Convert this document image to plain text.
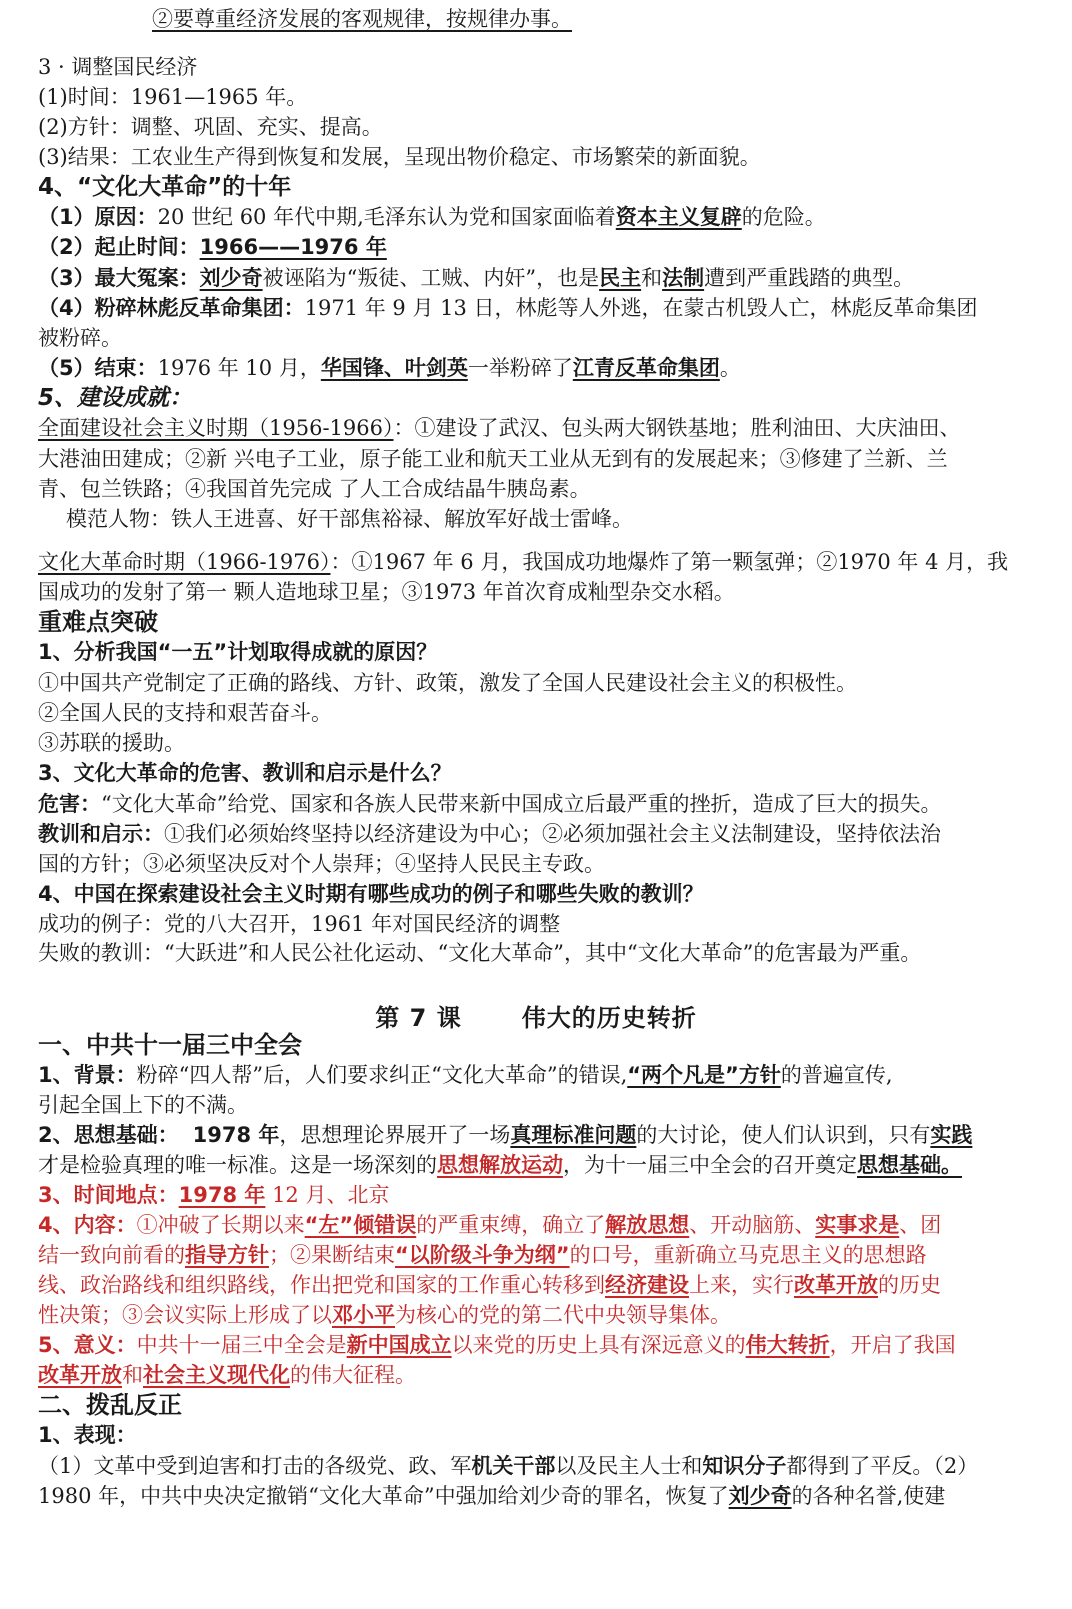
②要尊重经济发展的客观规律，按规律办事。
3 · 调整国民经济
(1)时间：1961—1965 年。
(2)方针：调整、巩固、充实、提高。
(3)结果：工农业生产得到恢复和发展，呈现出物价稳定、市场繁荣的新面貌。
4、“文化大革命”的十年
（1）原因：20 世纪 60 年代中期,毛泽东认为党和国家面临着资本主义复辟的危险。
（2）起止时间：1966——1976 年
（3）最大冤案：刘少奇被诬陷为“叛徒、工贼、内奸”，也是民主和法制遭到严重践踏的典型。
（4）粉碎林彪反革命集团：1971 年 9 月 13 日，林彪等人外逃，在蒙古机毁人亡，林彪反革命集团
被粉碎。
（5）结束：1976 年 10 月，华国锋、叶剑英一举粉碎了江青反革命集团。
5、建设成就：
全面建设社会主义时期（1956-1966）：①建设了武汉、包头两大钢铁基地；胜利油田、大庆油田、
大港油田建成；②新 兴电子工业，原子能工业和航天工业从无到有的发展起来；③修建了兰新、兰
青、包兰铁路；④我国首先完成 了人工合成结晶牛胰岛素。
模范人物：铁人王进喜、好干部焦裕禄、解放军好战士雷峰。
文化大革命时期（1966-1976）：①1967 年 6 月，我国成功地爆炸了第一颗氢弹；②1970 年 4 月，我
国成功的发射了第一 颗人造地球卫星；③1973 年首次育成籼型杂交水稻。
重难点突破
1、分析我国“一五”计划取得成就的原因？
①中国共产党制定了正确的路线、方针、政策，激发了全国人民建设社会主义的积极性。
②全国人民的支持和艰苦奋斗。
③苏联的援助。
3、文化大革命的危害、教训和启示是什么？
危害：“文化大革命”给党、国家和各族人民带来新中国成立后最严重的挫折，造成了巨大的损失。
教训和启示：①我们必须始终坚持以经济建设为中心；②必须加强社会主义法制建设，坚持依法治
国的方针；③必须坚决反对个人崇拜；④坚持人民民主专政。
4、中国在探索建设社会主义时期有哪些成功的例子和哪些失败的教训？
成功的例子：党的八大召开，1961 年对国民经济的调整
失败的教训：“大跃进”和人民公社化运动、“文化大革命”，其中“文化大革命”的危害最为严重。
第 7 课	伟大的历史转折
一、中共十一届三中全会
1、背景：粉碎“四人帮”后，人们要求纠正“文化大革命”的错误,“两个凡是”方针的普遍宣传,
引起全国上下的不满。
2、思想基础： 1978 年，思想理论界展开了一场真理标准问题的大讨论，使人们认识到，只有实践
才是检验真理的唯一标准。这是一场深刻的思想解放运动，为十一届三中全会的召开奠定思想基础。
3、时间地点：1978 年 12 月、北京
4、内容：①冲破了长期以来“左”倾错误的严重束缚，确立了解放思想、开动脑筋、实事求是、团
结一致向前看的指导方针；②果断结束“以阶级斗争为纲”的口号，重新确立马克思主义的思想路
线、政治路线和组织路线，作出把党和国家的工作重心转移到经济建设上来，实行改革开放的历史
性决策；③会议实际上形成了以邓小平为核心的党的第二代中央领导集体。
5、意义：中共十一届三中全会是新中国成立以来党的历史上具有深远意义的伟大转折，开启了我国
改革开放和社会主义现代化的伟大征程。
二、拨乱反正
1、表现：
（1）文革中受到迫害和打击的各级党、政、军机关干部以及民主人士和知识分子都得到了平反。（2）
1980 年，中共中央决定撤销“文化大革命”中强加给刘少奇的罪名，恢复了刘少奇的各种名誉,使建
